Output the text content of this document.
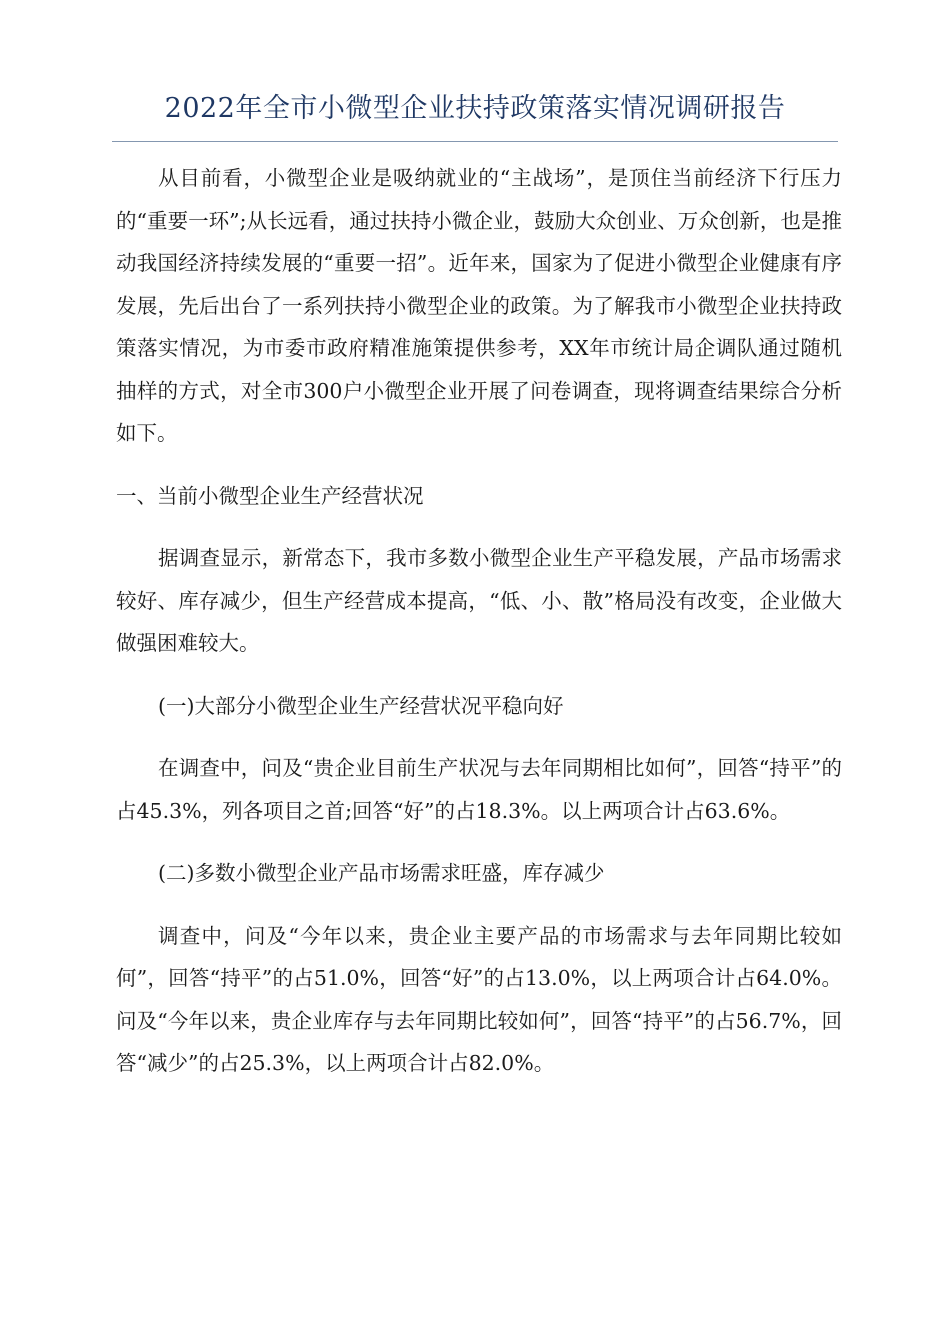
2022年全市小微型企业扶持政策落实情况调研报告

从目前看，小微型企业是吸纳就业的“主战场”，是顶住当前经济下行压力的“重要一环”;从长远看，通过扶持小微企业，鼓励大众创业、万众创新，也是推动我国经济持续发展的“重要一招”。近年来，国家为了促进小微型企业健康有序发展，先后出台了一系列扶持小微型企业的政策。为了解我市小微型企业扶持政策落实情况，为市委市政府精准施策提供参考，XX年市统计局企调队通过随机抽样的方式，对全市300户小微型企业开展了问卷调查，现将调查结果综合分析如下。

一、当前小微型企业生产经营状况

据调查显示，新常态下，我市多数小微型企业生产平稳发展，产品市场需求较好、库存减少，但生产经营成本提高，“低、小、散”格局没有改变，企业做大做强困难较大。

(一)大部分小微型企业生产经营状况平稳向好

在调查中，问及“贵企业目前生产状况与去年同期相比如何”，回答“持平”的占45.3%，列各项目之首;回答“好”的占18.3%。以上两项合计占63.6%。

(二)多数小微型企业产品市场需求旺盛，库存减少

调查中，问及“今年以来，贵企业主要产品的市场需求与去年同期比较如何”，回答“持平”的占51.0%，回答“好”的占13.0%，以上两项合计占64.0%。问及“今年以来，贵企业库存与去年同期比较如何”，回答“持平”的占56.7%，回答“减少”的占25.3%，以上两项合计占82.0%。
